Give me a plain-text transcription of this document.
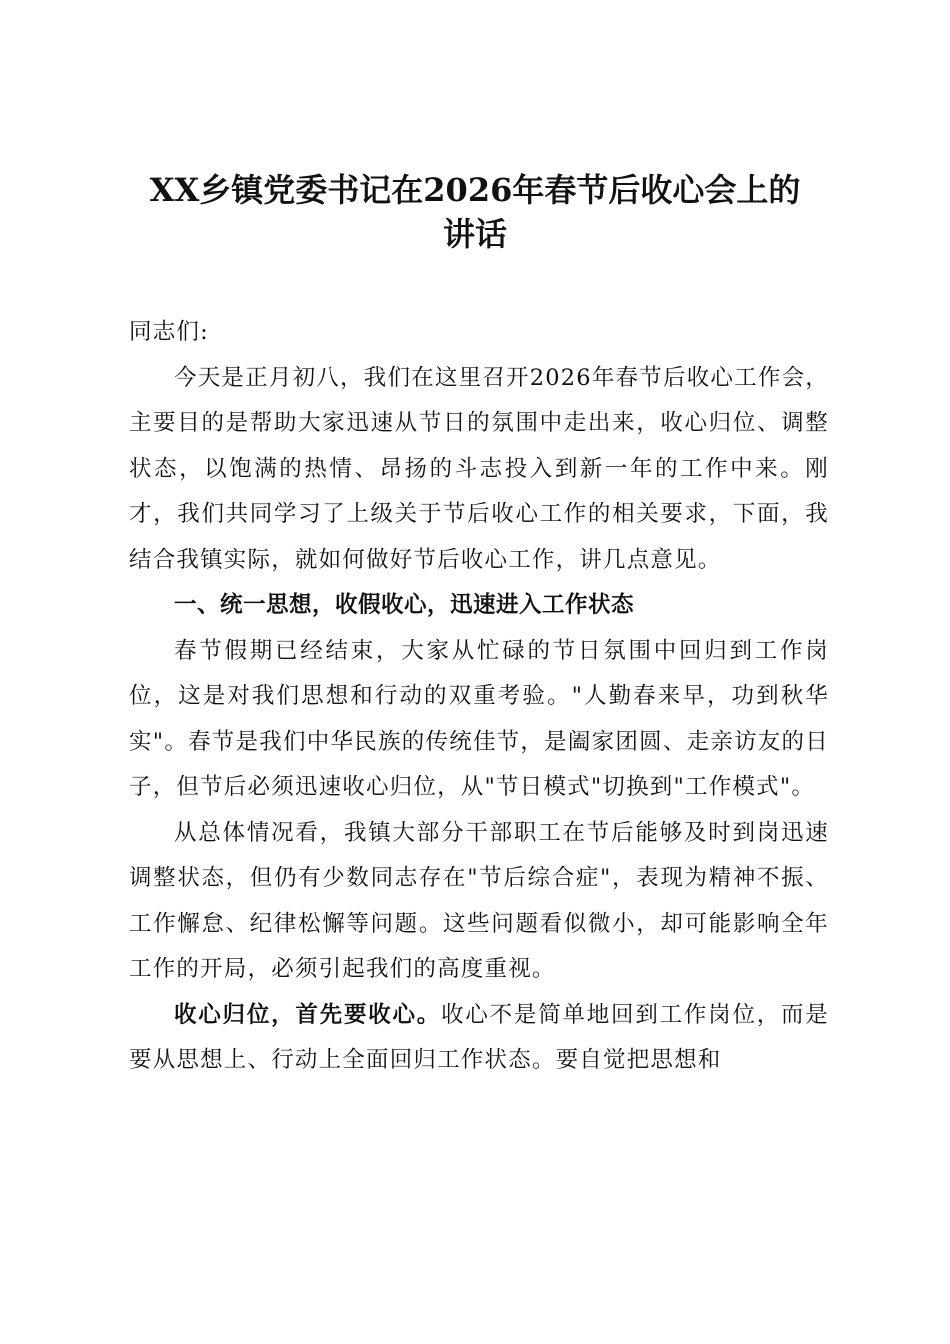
XX乡镇党委书记在2026年春节后收心会上的
讲话

同志们:

今天是正月初八，我们在这里召开2026年春节后收心工作会，主要目的是帮助大家迅速从节日的氛围中走出来，收心归位、调整状态，以饱满的热情、昂扬的斗志投入到新一年的工作中来。刚才，我们共同学习了上级关于节后收心工作的相关要求，下面，我结合我镇实际，就如何做好节后收心工作，讲几点意见。

一、统一思想，收假收心，迅速进入工作状态

春节假期已经结束，大家从忙碌的节日氛围中回归到工作岗位，这是对我们思想和行动的双重考验。"人勤春来早，功到秋华实"。春节是我们中华民族的传统佳节，是阖家团圆、走亲访友的日子，但节后必须迅速收心归位，从"节日模式"切换到"工作模式"。

从总体情况看，我镇大部分干部职工在节后能够及时到岗迅速调整状态，但仍有少数同志存在"节后综合症"，表现为精神不振、工作懈怠、纪律松懈等问题。这些问题看似微小，却可能影响全年工作的开局，必须引起我们的高度重视。

收心归位，首先要收心。收心不是简单地回到工作岗位，而是要从思想上、行动上全面回归工作状态。要自觉把思想和
